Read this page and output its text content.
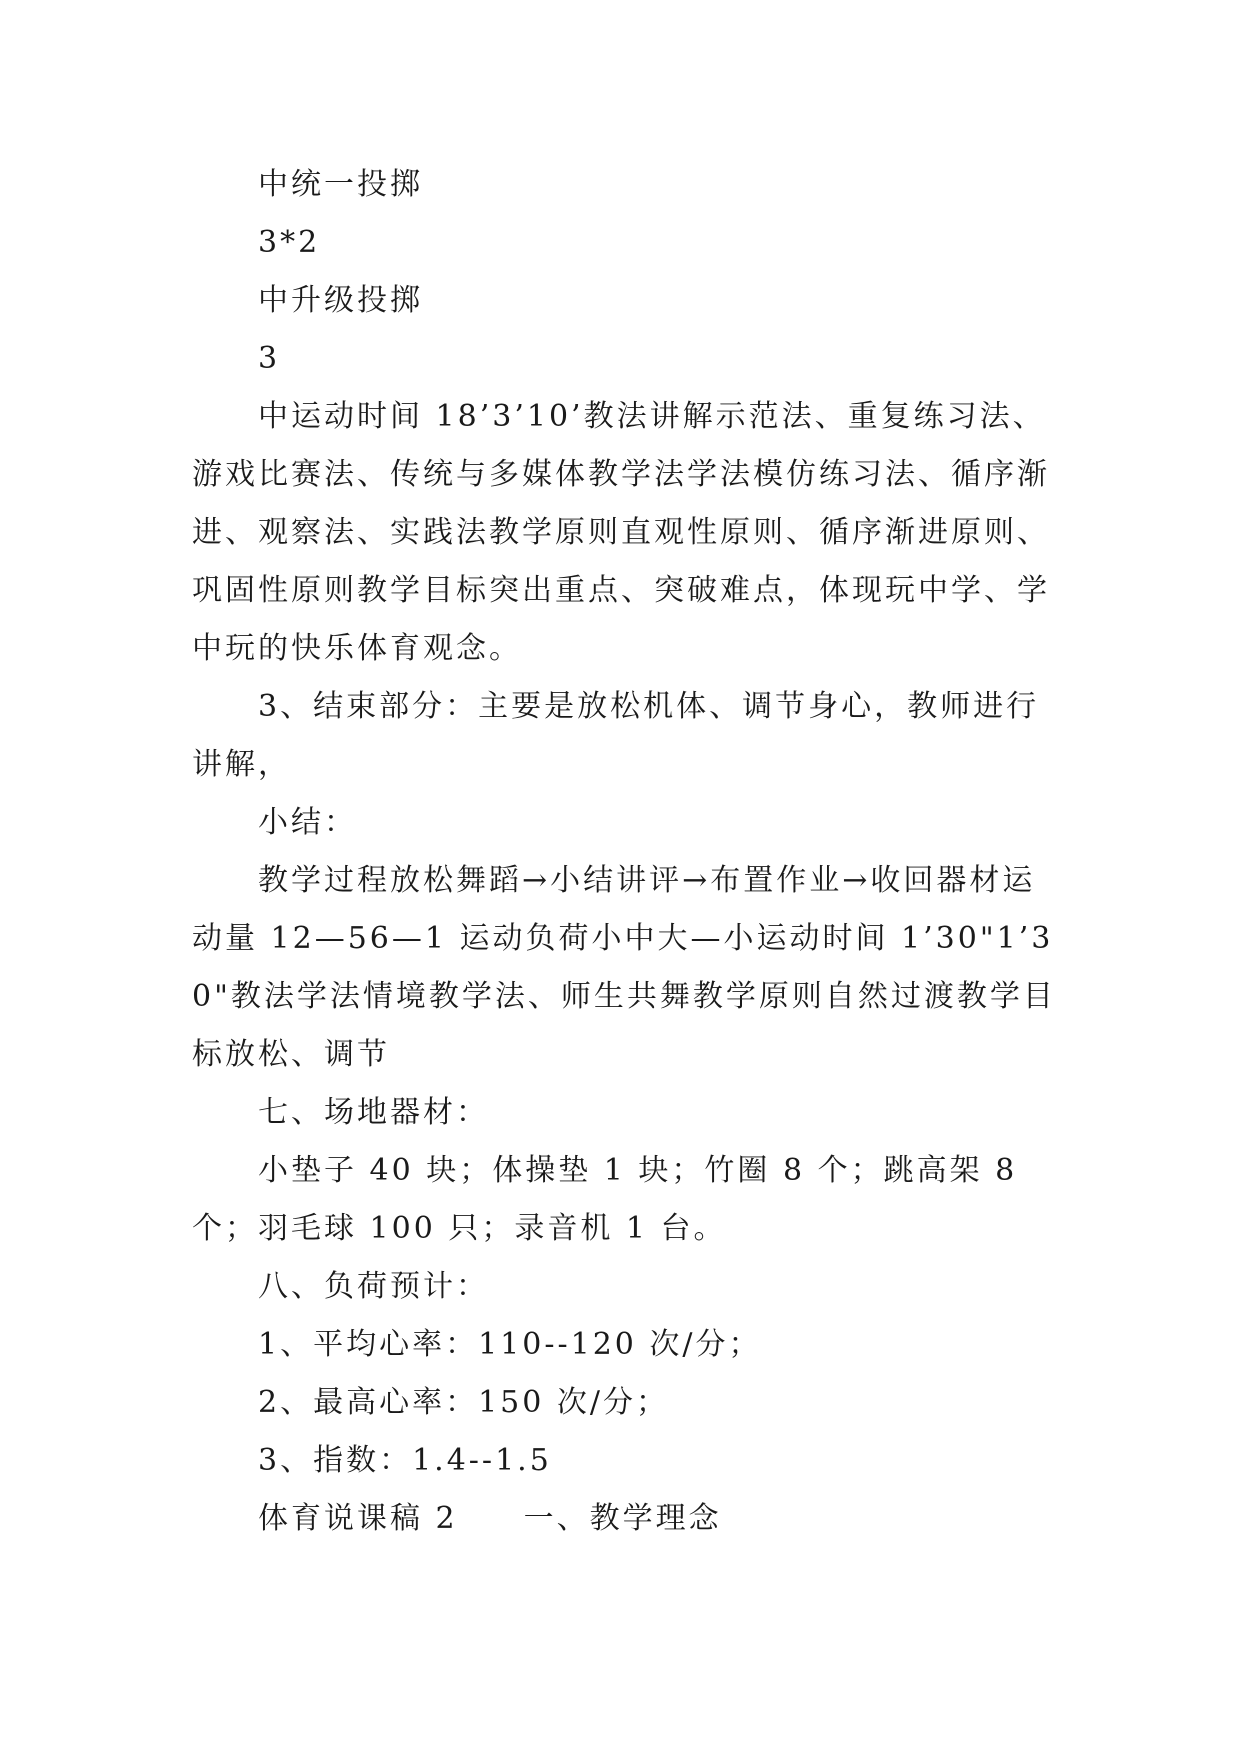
中统一投掷

3*2

中升级投掷

3

中运动时间 18’3’10’教法讲解示范法、重复练习法、游戏比赛法、传统与多媒体教学法学法模仿练习法、循序渐进、观察法、实践法教学原则直观性原则、循序渐进原则、巩固性原则教学目标突出重点、突破难点，体现玩中学、学中玩的快乐体育观念。

3、结束部分：主要是放松机体、调节身心，教师进行讲解，

小结：

教学过程放松舞蹈→小结讲评→布置作业→收回器材运动量 12—56—1 运动负荷小中大—小运动时间 1’30"1’30"教法学法情境教学法、师生共舞教学原则自然过渡教学目标放松、调节

七、场地器材：

小垫子 40 块；体操垫 1 块；竹圈 8 个；跳高架 8 个；羽毛球 100 只；录音机 1 台。

八、负荷预计：

1、平均心率：110--120 次/分；

2、最高心率：150 次/分；

3、指数：1.4--1.5

体育说课稿 2　　一、教学理念
